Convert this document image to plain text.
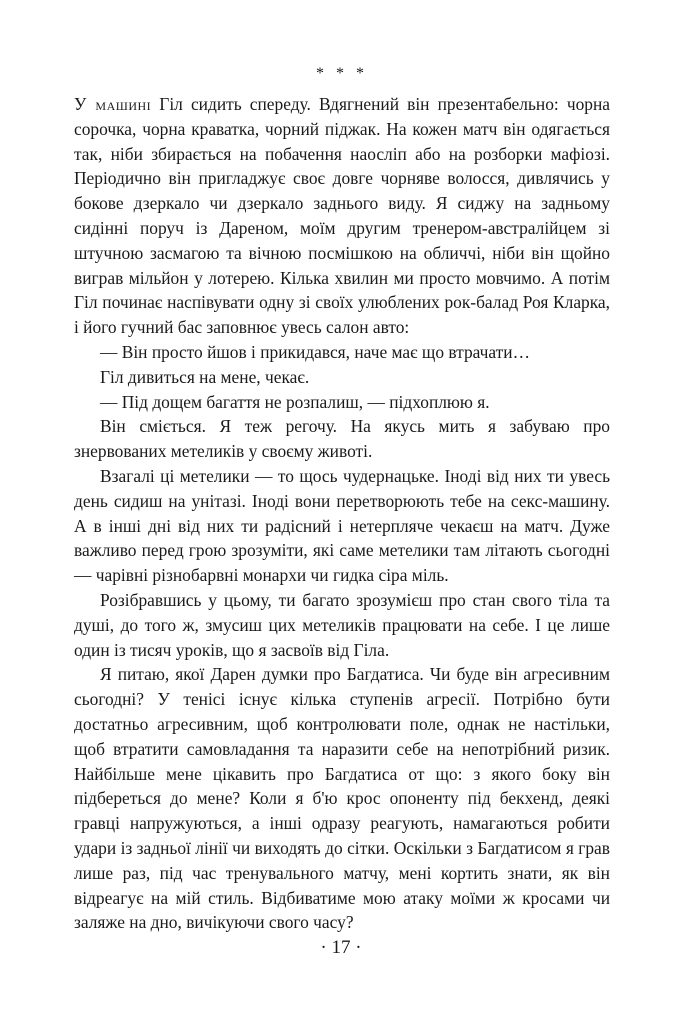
* * *

У машині Гіл сидить спереду. Вдягнений він презентабельно: чорна сорочка, чорна краватка, чорний піджак. На кожен матч він одягається так, ніби збирається на побачення наосліп або на розборки мафіозі. Періодично він пригладжує своє довге чорняве волосся, дивлячись у бокове дзеркало чи дзеркало заднього виду. Я сиджу на задньому сидінні поруч із Дареном, моїм другим тренером-австралійцем зі штучною засмагою та вічною посмішкою на обличчі, ніби він щойно виграв мільйон у лотерею. Кілька хвилин ми просто мовчимо. А потім Гіл починає наспівувати одну зі своїх улюблених рок-балад Роя Кларка, і його гучний бас заповнює увесь салон авто:

— Він просто йшов і прикидався, наче має що втрачати…

Гіл дивиться на мене, чекає.

— Під дощем багаття не розпалиш, — підхоплюю я.

Він сміється. Я теж регочу. На якусь мить я забуваю про знервованих метеликів у своєму животі.

Взагалі ці метелики — то щось чудернацьке. Іноді від них ти увесь день сидиш на унітазі. Іноді вони перетворюють тебе на секс-машину. А в інші дні від них ти радісний і нетерпляче чекаєш на матч. Дуже важливо перед грою зрозуміти, які саме метелики там літають сьогодні — чарівні різнобарвні монархи чи гидка сіра міль.

Розібравшись у цьому, ти багато зрозумієш про стан свого тіла та душі, до того ж, змусиш цих метеликів працювати на себе. І це лише один із тисяч уроків, що я засвоїв від Гіла.

Я питаю, якої Дарен думки про Багдатиса. Чи буде він агресивним сьогодні? У тенісі існує кілька ступенів агресії. Потрібно бути достатньо агресивним, щоб контролювати поле, однак не настільки, щоб втратити самовладання та наразити себе на непотрібний ризик. Найбільше мене цікавить про Багдатиса от що: з якого боку він підбереться до мене? Коли я б'ю крос опоненту під бекхенд, деякі гравці напружуються, а інші одразу реагують, намагаються робити удари із задньої лінії чи виходять до сітки. Оскільки з Багдатисом я грав лише раз, під час тренувального матчу, мені кортить знати, як він відреагує на мій стиль. Відбиватиме мою атаку моїми ж кросами чи заляже на дно, вичікуючи свого часу?

· 17 ·
